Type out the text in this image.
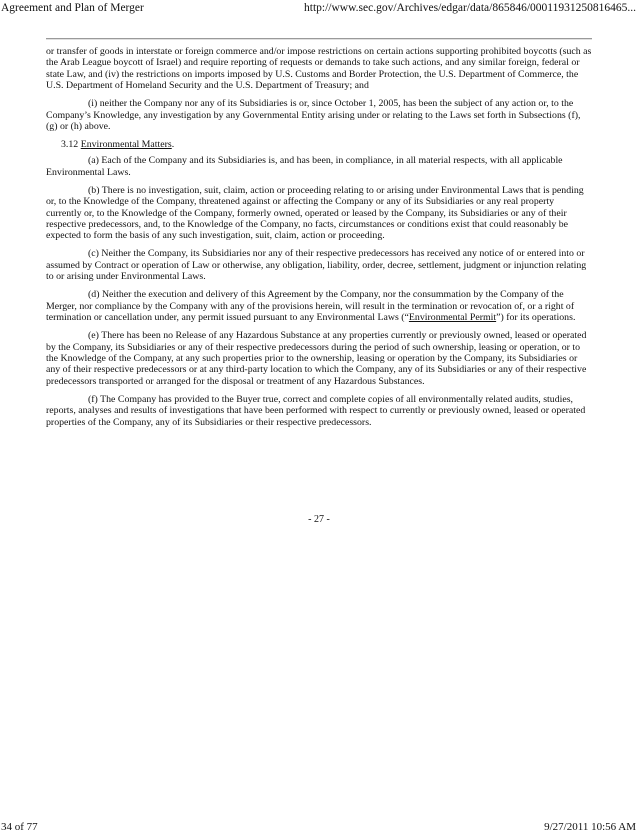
Agreement and Plan of Merger	http://www.sec.gov/Archives/edgar/data/865846/00011931250816465...

or transfer of goods in interstate or foreign commerce and/or impose restrictions on certain actions supporting prohibited boycotts (such as the Arab League boycott of Israel) and require reporting of requests or demands to take such actions, and any similar foreign, federal or state Law, and (iv) the restrictions on imports imposed by U.S. Customs and Border Protection, the U.S. Department of Commerce, the U.S. Department of Homeland Security and the U.S. Department of Treasury; and

(i) neither the Company nor any of its Subsidiaries is or, since October 1, 2005, has been the subject of any action or, to the Company’s Knowledge, any investigation by any Governmental Entity arising under or relating to the Laws set forth in Subsections (f), (g) or (h) above.

3.12 Environmental Matters.

(a) Each of the Company and its Subsidiaries is, and has been, in compliance, in all material respects, with all applicable Environmental Laws.

(b) There is no investigation, suit, claim, action or proceeding relating to or arising under Environmental Laws that is pending or, to the Knowledge of the Company, threatened against or affecting the Company or any of its Subsidiaries or any real property currently or, to the Knowledge of the Company, formerly owned, operated or leased by the Company, its Subsidiaries or any of their respective predecessors, and, to the Knowledge of the Company, no facts, circumstances or conditions exist that could reasonably be expected to form the basis of any such investigation, suit, claim, action or proceeding.

(c) Neither the Company, its Subsidiaries nor any of their respective predecessors has received any notice of or entered into or assumed by Contract or operation of Law or otherwise, any obligation, liability, order, decree, settlement, judgment or injunction relating to or arising under Environmental Laws.

(d) Neither the execution and delivery of this Agreement by the Company, nor the consummation by the Company of the Merger, nor compliance by the Company with any of the provisions herein, will result in the termination or revocation of, or a right of termination or cancellation under, any permit issued pursuant to any Environmental Laws (“Environmental Permit”) for its operations.

(e) There has been no Release of any Hazardous Substance at any properties currently or previously owned, leased or operated by the Company, its Subsidiaries or any of their respective predecessors during the period of such ownership, leasing or operation, or to the Knowledge of the Company, at any such properties prior to the ownership, leasing or operation by the Company, its Subsidiaries or any of their respective predecessors or at any third-party location to which the Company, any of its Subsidiaries or any of their respective predecessors transported or arranged for the disposal or treatment of any Hazardous Substances.

(f) The Company has provided to the Buyer true, correct and complete copies of all environmentally related audits, studies, reports, analyses and results of investigations that have been performed with respect to currently or previously owned, leased or operated properties of the Company, any of its Subsidiaries or their respective predecessors.

- 27 -
34 of 77	9/27/2011 10:56 AM
